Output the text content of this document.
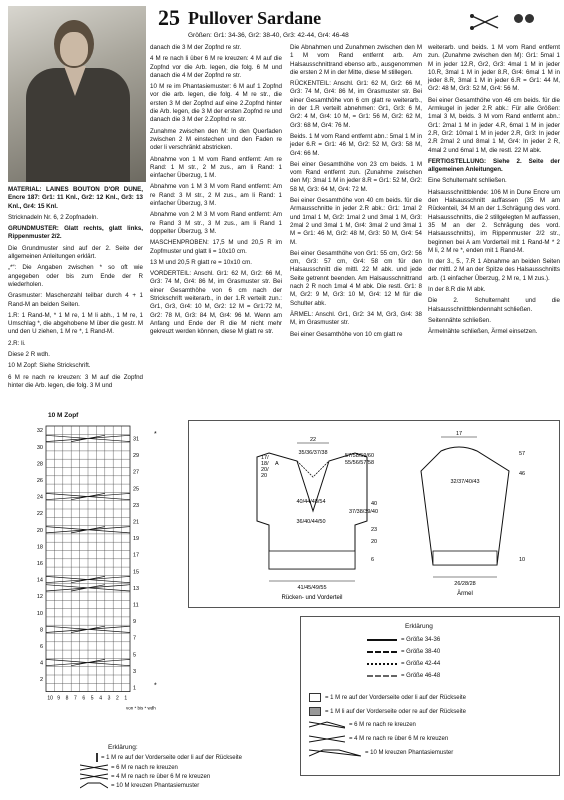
25 Pullover Sardane
Größen: Gr1: 34-36, Gr2: 38-40, Gr3: 42-44, Gr4: 46-48

MATERIAL: LAINES BOUTON D'OR DUNE, Encre 187: Gr1: 11 Knl., Gr2: 12 Knl., Gr3: 13 Knl., Gr4: 15 Knl.

Stricknadeln Nr. 6, 2 Zopfnadeln.

GRUNDMUSTER: Glatt rechts, glatt links, Rippenmuster 2/2.

Die Grundmuster sind auf der 2. Seite der allgemeinen Anleitungen erklärt.

„*“: Die Angaben zwischen * so oft wie angegeben oder bis zum Ende der R wiederholen.

Grasmuster: Maschenzahl teilbar durch 4 + 1 Rand-M an beiden Seiten.

1.R: 1 Rand-M, * 1 M re, 1 M li abh., 1 M re, 1 Umschlag *, die abgehobene M über die gestr. M und den U ziehen, 1 M re *, 1 Rand-M.

2.R: li.

Diese 2 R wdh.

10 M Zopf: Siehe Strickschrift.

6 M re nach re kreuzen: 3 M auf die Zopfnd hinter die Arb. legen, die folg. 3 M und

danach die 3 M der Zopfnd re str.

4 M re nach li über 6 M re kreuzen: 4 M auf die Zopfnd vor die Arb. legen, die folg. 6 M und danach die 4 M der Zopfnd re str.

10 M re im Phantasiemuster: 6 M auf 1 Zopfnd vor die arb. legen, die folg. 4 M re str., die ersten 3 M der Zopfnd auf eine 2.Zopfnd hinter die Arb. legen, die 3 M der ersten Zopfnd re und danach die 3 M der 2.Zopfnd re str.

Zunahme zwischen den M: In den Querfaden zwischen 2 M einstechen und den Faden re oder li verschränkt abstricken.

Abnahme von 1 M vom Rand entfernt: Am re Rand: 1 M str., 2 M zus., am li Rand: 1 einfacher Überzug, 1 M.

Abnahme von 1 M 3 M vom Rand entfernt: Am re Rand: 3 M str., 2 M zus., am li Rand: 1 einfacher Überzug, 3 M.

Abnahme von 2 M 3 M vom Rand entfernt: Am re Rand 3 M str., 3 M zus., am li Rand 1 doppelter Überzug, 3 M.

MASCHENPROBEN: 17,5 M und 20,5 R im Zopfmuster und glatt li = 10x10 cm.

13 M und 20,5 R glatt re = 10x10 cm.

VORDERTEIL: Anschl. Gr1: 62 M, Gr2: 66 M, Gr3: 74 M, Gr4: 86 M, im Grasmuster str. Bei einer Gesamthöhe von 6 cm nach der Strickschrift weiterarb., in der 1.R verteilt zun.: Gr1, Gr3, Gr4: 10 M, Gr2: 12 M = Gr1:72 M, Gr2: 78 M, Gr3: 84 M, Gr4: 96 M. Wenn am Anfang und Ende der R die M nicht mehr gekreuzt werden können, diese M glatt re str.

Die Abnahmen und Zunahmen zwischen den M 1 M vom Rand entfernt arb. Am Halsausschnittrand ebenso arb., ausgenommen die ersten 2 M in der Mitte, diese M stillegen.

RÜCKENTEIL: Anschl. Gr1: 62 M, Gr2: 66 M, Gr3: 74 M, Gr4: 86 M, im Grasmuster str. Bei einer Gesamthöhe von 6 cm glatt re weiterarb., in der 1.R verteilt abnehmen: Gr1, Gr3: 6 M, Gr2: 4 M, Gr4: 10 M, = Gr1: 56 M, Gr2: 62 M, Gr3: 68 M, Gr4: 76 M.

Beids. 1 M vom Rand entfernt abn.: 5mal 1 M in jeder 6.R = Gr1: 46 M, Gr2: 52 M, Gr3: 58 M, Gr4: 66 M.

Bei einer Gesamthöhe von 23 cm beids. 1 M vom Rand entfernt zun. (Zunahme zwischen den M): 3mal 1 M in jeder 8.R = Gr1: 52 M, Gr2: 58 M, Gr3: 64 M, Gr4: 72 M.

Bei einer Gesamthöhe von 40 cm beids. für die Armausschnitte in jeder 2.R abk.: Gr1: 1mal 2 und 1mal 1 M, Gr2: 1mal 2 und 3mal 1 M, Gr3: 2mal 2 und 3mal 1 M, Gr4: 3mal 2 und 3mal 1 M = Gr1: 46 M, Gr2: 48 M, Gr3: 50 M, Gr4: 54 M.

Bei einer Gesamthöhe von Gr1: 55 cm, Gr2: 56 cm, Gr3: 57 cm, Gr4: 58 cm für den Halsausschnitt die mittl. 22 M abk. und jede Seite getrennt beenden. Am Halsausschnittrand nach 2 R noch 1mal 4 M abk. Die restl. Gr1: 8 M, Gr2: 9 M, Gr3: 10 M, Gr4: 12 M für die Schulter abk.

ÄRMEL: Anschl. Gr1, Gr2: 34 M, Gr3, Gr4: 38 M, im Grasmuster str.

Bei einer Gesamthöhe von 10 cm glatt re

weiterarb. und beids. 1 M vom Rand entfernt zun. (Zunahme zwischen den M): Gr1: 5mal 1 M in jeder 12.R, Gr2, Gr3: 4mal 1 M in jeder 10.R, 3mal 1 M in jeder 8.R, Gr4: 6mal 1 M in jeder 8.R, 3mal 1 M in jeder 6.R = Gr1: 44 M, Gr2: 48 M, Gr3: 52 M, Gr4: 56 M.

Bei einer Gesamthöhe von 46 cm beids. für die Armkugel in jeder 2.R abk.: Für alle Größen: 1mal 3 M, beids. 3 M vom Rand entfernt abn.: Gr1: 2mal 1 M in jeder 4.R, 6mal 1 M in jeder 2.R, Gr2: 10mal 1 M in jeder 2.R, Gr3: In jeder 2.R 2mal 2 und 8mal 1 M, Gr4: In jeder 2 R, 4mal 2 und 6mal 1 M, die restl. 22 M abk.

FERTIGSTELLUNG: Siehe 2. Seite der allgemeinen Anleitungen.

Eine Schulternaht schließen.

Halsausschnittblende: 106 M in Dune Encre um den Halsausschnitt auffassen (35 M am Rückenteil, 34 M an der 1.Schrägung des vord. Halsausschnitts, die 2 stillgelegten M auffassen, 35 M an der 2. Schrägung des vord. Halsausschnitts), im Rippenmuster 2/2 str., beginnen bei A am Vorderteil mit 1 Rand-M * 2 M li, 2 M re *, enden mit 1 Rand-M.

In der 3., 5., 7.R 1 Abnahme an beiden Seiten der mittl. 2 M an der Spitze des Halsausschnitts arb. (1 einfacher Überzug, 2 M re, 1 M zus.).

In der 8.R die M abk.

Die 2. Schulternaht und die Halsausschnittblendennaht schließen.

Seitennähte schließen.

Ärmelnähte schließen, Ärmel einsetzen.

10 M Zopf
32
31
30
29
28
27
26
25
24
23
22
21
20
19
18
17
16
15
14
13
12
11
10
9
8
7
6
5
4
3
2
1
10 9 8 7 6 5 4 3 2 1
von * bis * wdh
*
*
22
35/36/37/38
17/
18/
20/
20
A
57/58/59/60
55/56/57/58
40/44/48/54
36/40/44/50
40
37/38/39/40
23
20
6
41/45/49/55
Rücken- und Vorderteil
17
32/37/40/43
57
46
10
26/28/28
Ärmel
Erklärung
= Größe 34-36
= Größe 38-40
= Größe 42-44
= Größe 46-48
= 1 M re auf der Vorderseite oder li auf der Rückseite
= 1 M li auf der Vorderseite oder re auf der Rückseite
= 6 M re nach re kreuzen
= 4 M re nach re über 6 M re kreuzen
= 10 M kreuzen Phantasiemuster
Erklärung:
= 1 M re auf der Vorderseite oder li auf der Rückseite
= 6 M re nach re kreuzen
= 4 M re nach re über 6 M re kreuzen
= 10 M kreuzen Phantasiemuster
